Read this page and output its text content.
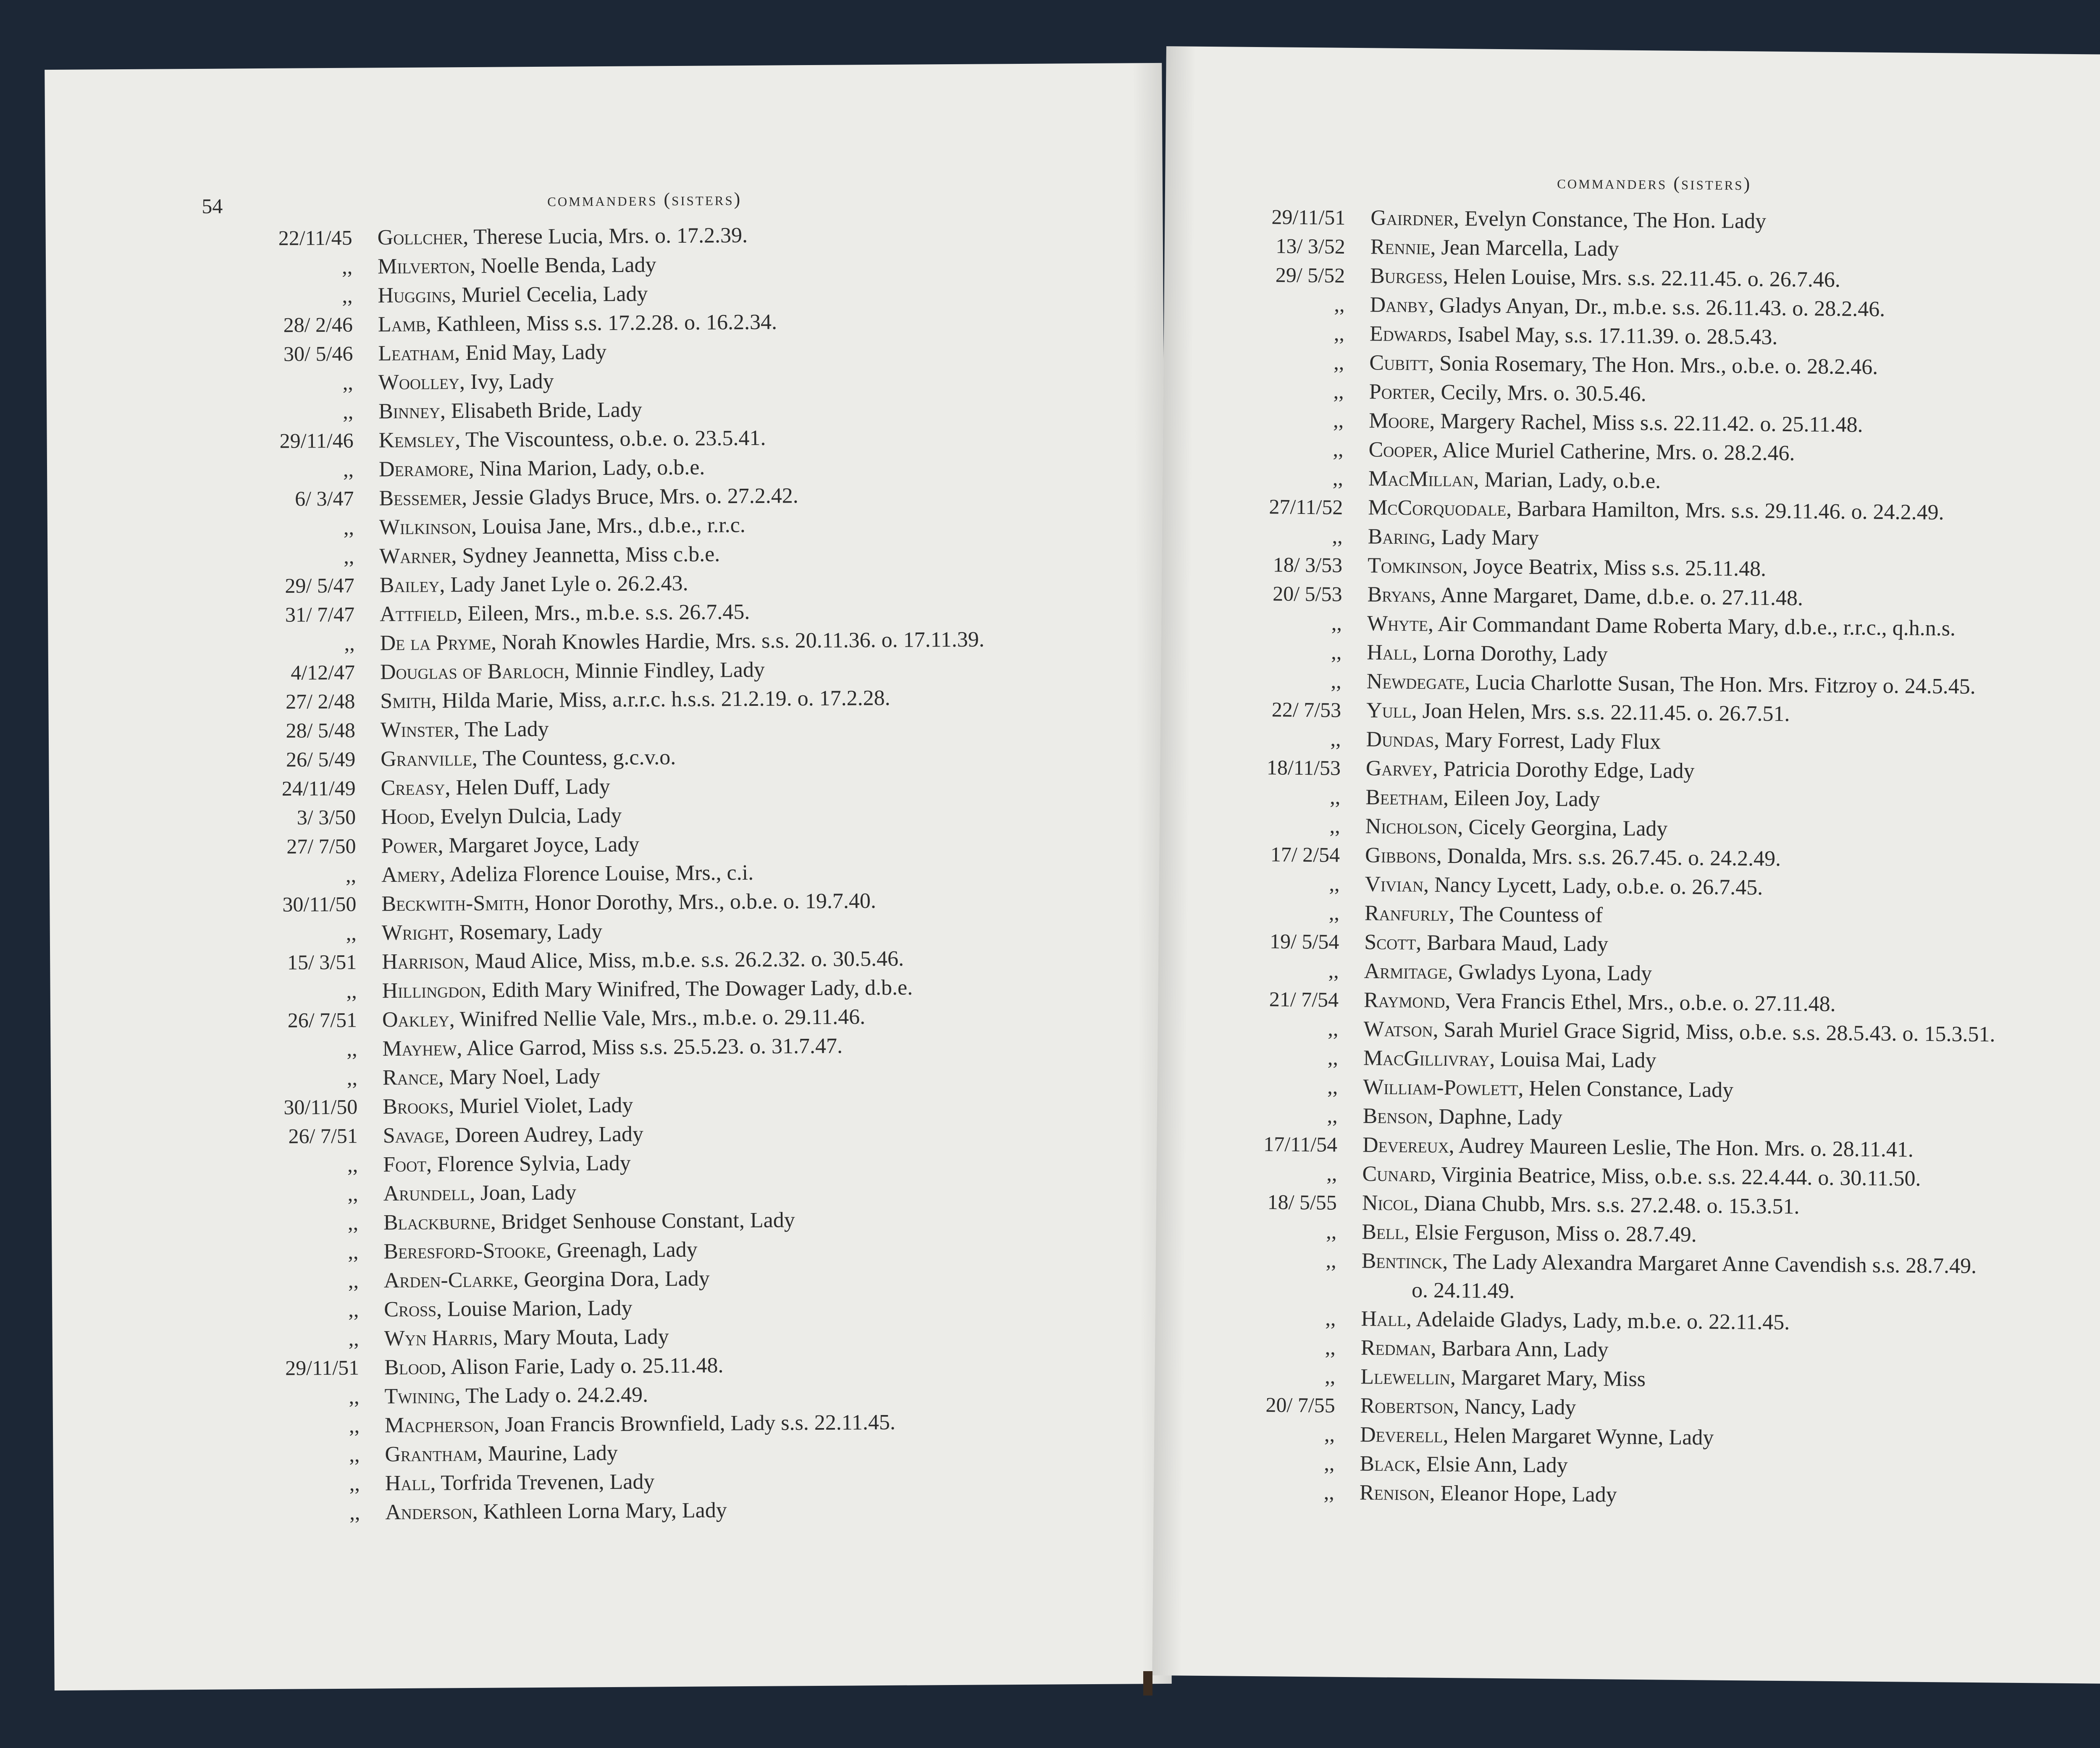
54	commanders (sisters)
22/11/45 Gollcher, Therese Lucia, Mrs. o. 17.2.39.
,, Milverton, Noelle Benda, Lady
,, Huggins, Muriel Cecelia, Lady
28/ 2/46 Lamb, Kathleen, Miss s.s. 17.2.28. o. 16.2.34.
30/ 5/46 Leatham, Enid May, Lady
,, Woolley, Ivy, Lady
,, Binney, Elisabeth Bride, Lady
29/11/46 Kemsley, The Viscountess, o.b.e. o. 23.5.41.
,, Deramore, Nina Marion, Lady, o.b.e.
6/ 3/47 Bessemer, Jessie Gladys Bruce, Mrs. o. 27.2.42.
,, Wilkinson, Louisa Jane, Mrs., d.b.e., r.r.c.
,, Warner, Sydney Jeannetta, Miss c.b.e.
29/ 5/47 Bailey, Lady Janet Lyle o. 26.2.43.
31/ 7/47 Attfield, Eileen, Mrs., m.b.e. s.s. 26.7.45.
,, De la Pryme, Norah Knowles Hardie, Mrs. s.s. 20.11.36. o. 17.11.39.
4/12/47 Douglas of Barloch, Minnie Findley, Lady
27/ 2/48 Smith, Hilda Marie, Miss, a.r.r.c. h.s.s. 21.2.19. o. 17.2.28.
28/ 5/48 Winster, The Lady
26/ 5/49 Granville, The Countess, g.c.v.o.
24/11/49 Creasy, Helen Duff, Lady
3/ 3/50 Hood, Evelyn Dulcia, Lady
27/ 7/50 Power, Margaret Joyce, Lady
,, Amery, Adeliza Florence Louise, Mrs., c.i.
30/11/50 Beckwith-Smith, Honor Dorothy, Mrs., o.b.e. o. 19.7.40.
,, Wright, Rosemary, Lady
15/ 3/51 Harrison, Maud Alice, Miss, m.b.e. s.s. 26.2.32. o. 30.5.46.
,, Hillingdon, Edith Mary Winifred, The Dowager Lady, d.b.e.
26/ 7/51 Oakley, Winifred Nellie Vale, Mrs., m.b.e. o. 29.11.46.
,, Mayhew, Alice Garrod, Miss s.s. 25.5.23. o. 31.7.47.
,, Rance, Mary Noel, Lady
30/11/50 Brooks, Muriel Violet, Lady
26/ 7/51 Savage, Doreen Audrey, Lady
,, Foot, Florence Sylvia, Lady
,, Arundell, Joan, Lady
,, Blackburne, Bridget Senhouse Constant, Lady
,, Beresford-Stooke, Greenagh, Lady
,, Arden-Clarke, Georgina Dora, Lady
,, Cross, Louise Marion, Lady
,, Wyn Harris, Mary Mouta, Lady
29/11/51 Blood, Alison Farie, Lady o. 25.11.48.
,, Twining, The Lady o. 24.2.49.
,, Macpherson, Joan Francis Brownfield, Lady s.s. 22.11.45.
,, Grantham, Maurine, Lady
,, Hall, Torfrida Trevenen, Lady
,, Anderson, Kathleen Lorna Mary, Lady
commanders (sisters)
29/11/51 Gairdner, Evelyn Constance, The Hon. Lady
13/ 3/52 Rennie, Jean Marcella, Lady
29/ 5/52 Burgess, Helen Louise, Mrs. s.s. 22.11.45. o. 26.7.46.
,, Danby, Gladys Anyan, Dr., m.b.e. s.s. 26.11.43. o. 28.2.46.
,, Edwards, Isabel May, s.s. 17.11.39. o. 28.5.43.
,, Cubitt, Sonia Rosemary, The Hon. Mrs., o.b.e. o. 28.2.46.
,, Porter, Cecily, Mrs. o. 30.5.46.
,, Moore, Margery Rachel, Miss s.s. 22.11.42. o. 25.11.48.
,, Cooper, Alice Muriel Catherine, Mrs. o. 28.2.46.
,, MacMillan, Marian, Lady, o.b.e.
27/11/52 McCorquodale, Barbara Hamilton, Mrs. s.s. 29.11.46. o. 24.2.49.
,, Baring, Lady Mary
18/ 3/53 Tomkinson, Joyce Beatrix, Miss s.s. 25.11.48.
20/ 5/53 Bryans, Anne Margaret, Dame, d.b.e. o. 27.11.48.
,, Whyte, Air Commandant Dame Roberta Mary, d.b.e., r.r.c., q.h.n.s.
,, Hall, Lorna Dorothy, Lady
,, Newdegate, Lucia Charlotte Susan, The Hon. Mrs. Fitzroy o. 24.5.45.
22/ 7/53 Yull, Joan Helen, Mrs. s.s. 22.11.45. o. 26.7.51.
,, Dundas, Mary Forrest, Lady Flux
18/11/53 Garvey, Patricia Dorothy Edge, Lady
,, Beetham, Eileen Joy, Lady
,, Nicholson, Cicely Georgina, Lady
17/ 2/54 Gibbons, Donalda, Mrs. s.s. 26.7.45. o. 24.2.49.
,, Vivian, Nancy Lycett, Lady, o.b.e. o. 26.7.45.
,, Ranfurly, The Countess of
19/ 5/54 Scott, Barbara Maud, Lady
,, Armitage, Gwladys Lyona, Lady
21/ 7/54 Raymond, Vera Francis Ethel, Mrs., o.b.e. o. 27.11.48.
,, Watson, Sarah Muriel Grace Sigrid, Miss, o.b.e. s.s. 28.5.43. o. 15.3.51.
,, MacGillivray, Louisa Mai, Lady
,, William-Powlett, Helen Constance, Lady
,, Benson, Daphne, Lady
17/11/54 Devereux, Audrey Maureen Leslie, The Hon. Mrs. o. 28.11.41.
,, Cunard, Virginia Beatrice, Miss, o.b.e. s.s. 22.4.44. o. 30.11.50.
18/ 5/55 Nicol, Diana Chubb, Mrs. s.s. 27.2.48. o. 15.3.51.
,, Bell, Elsie Ferguson, Miss o. 28.7.49.
,, Bentinck, The Lady Alexandra Margaret Anne Cavendish s.s. 28.7.49.
o. 24.11.49.
,, Hall, Adelaide Gladys, Lady, m.b.e. o. 22.11.45.
,, Redman, Barbara Ann, Lady
,, Llewellin, Margaret Mary, Miss
20/ 7/55 Robertson, Nancy, Lady
,, Deverell, Helen Margaret Wynne, Lady
,, Black, Elsie Ann, Lady
,, Renison, Eleanor Hope, Lady
